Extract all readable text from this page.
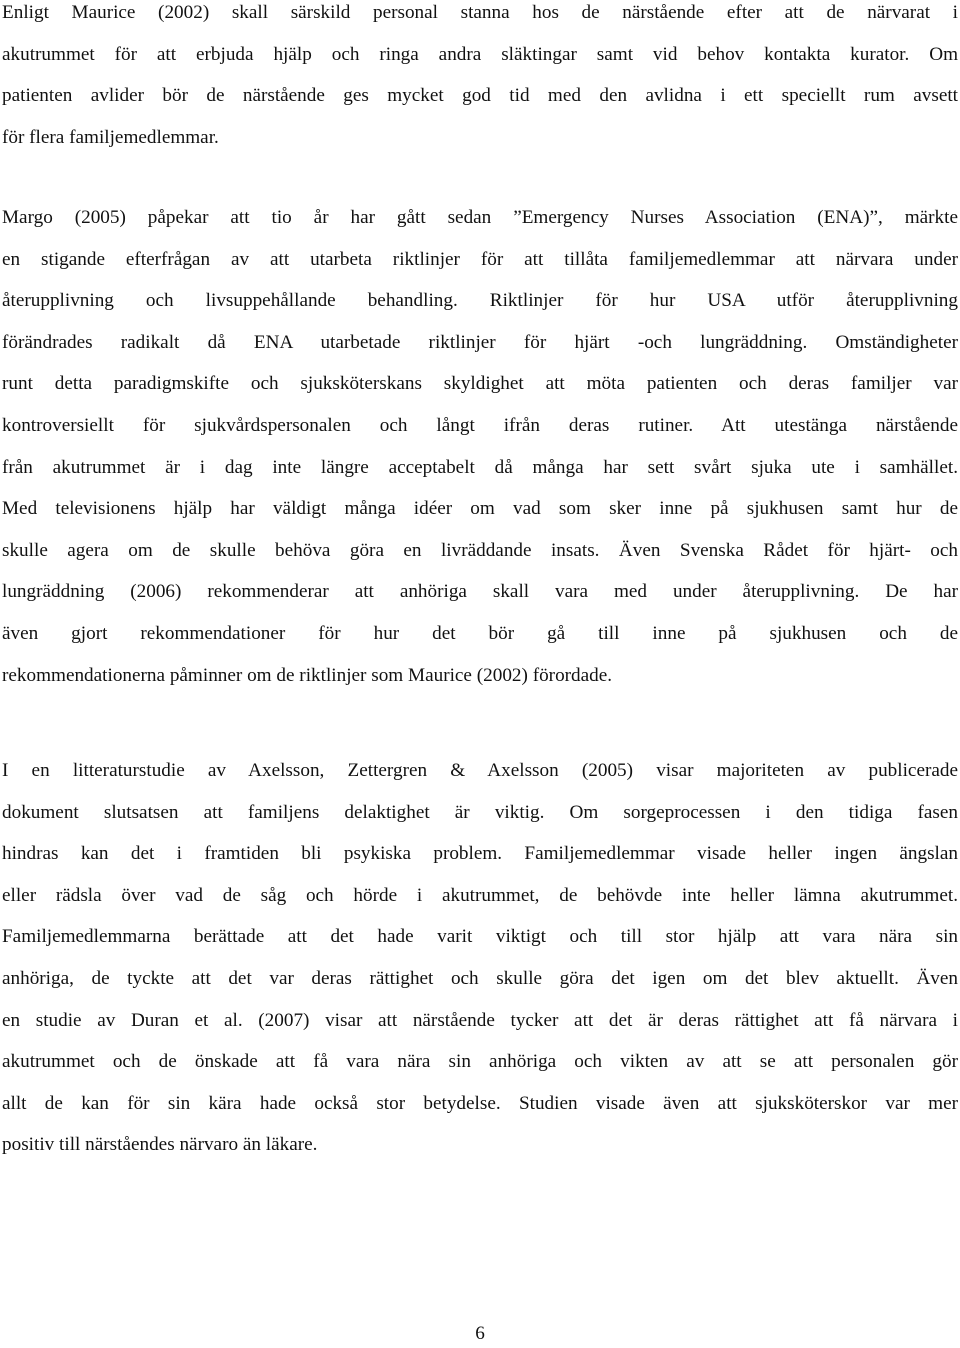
Enligt Maurice (2002) skall särskild personal stanna hos de närstående efter att de närvarat i
akutrummet för att erbjuda hjälp och ringa andra släktingar samt vid behov kontakta kurator. Om
patienten avlider bör de närstående ges mycket god tid med den avlidna i ett speciellt rum avsett
för flera familjemedlemmar.

Margo (2005) påpekar att tio år har gått sedan ”Emergency Nurses Association (ENA)”, märkte
en stigande efterfrågan av att utarbeta riktlinjer för att tillåta familjemedlemmar att närvara under
återupplivning och livsuppehållande behandling. Riktlinjer för hur USA utför återupplivning
förändrades radikalt då ENA utarbetade riktlinjer för hjärt -och lungräddning. Omständigheter
runt detta paradigmskifte och sjuksköterskans skyldighet att möta patienten och deras familjer var
kontroversiellt för sjukvårdspersonalen och långt ifrån deras rutiner. Att utestänga närstående
från akutrummet är i dag inte längre acceptabelt då många har sett svårt sjuka ute i samhället.
Med televisionens hjälp har väldigt många idéer om vad som sker inne på sjukhusen samt hur de
skulle agera om de skulle behöva göra en livräddande insats. Även Svenska Rådet för hjärt- och
lungräddning (2006) rekommenderar att anhöriga skall vara med under återupplivning. De har
även gjort rekommendationer för hur det bör gå till inne på sjukhusen och de
rekommendationerna påminner om de riktlinjer som Maurice (2002) förordade.

I en litteraturstudie av Axelsson, Zettergren & Axelsson (2005) visar majoriteten av publicerade
dokument slutsatsen att familjens delaktighet är viktig. Om sorgeprocessen i den tidiga fasen
hindras kan det i framtiden bli psykiska problem. Familjemedlemmar visade heller ingen ängslan
eller rädsla över vad de såg och hörde i akutrummet, de behövde inte heller lämna akutrummet.
Familjemedlemmarna berättade att det hade varit viktigt och till stor hjälp att vara nära sin
anhöriga, de tyckte att det var deras rättighet och skulle göra det igen om det blev aktuellt. Även
en studie av Duran et al. (2007) visar att närstående tycker att det är deras rättighet att få närvara i
akutrummet och de önskade att få vara nära sin anhöriga och vikten av att se att personalen gör
allt de kan för sin kära hade också stor betydelse. Studien visade även att sjuksköterskor var mer
positiv till närståendes närvaro än läkare.

6
